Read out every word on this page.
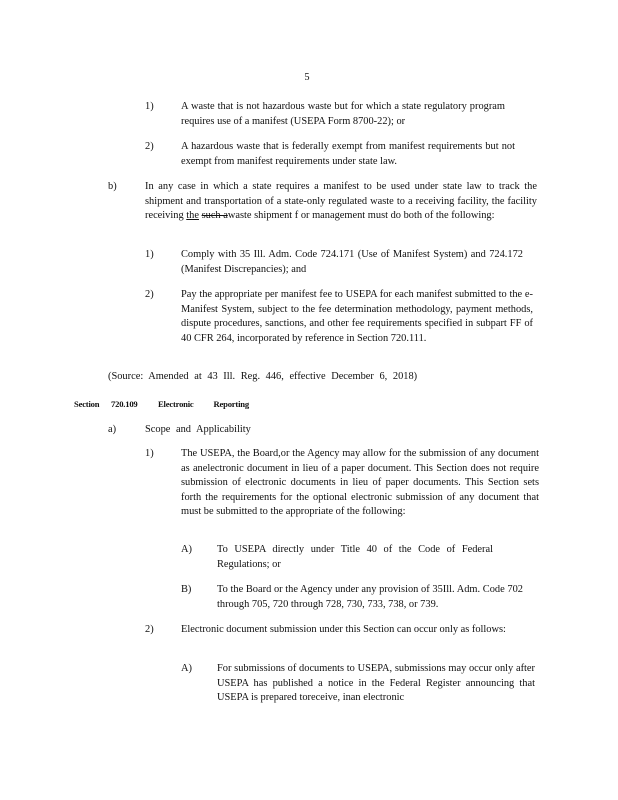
5
1)	A waste that is not hazardous waste but for which a state regulatory program requires use of a manifest (USEPA Form 8700-22); or
2)	A hazardous waste that is federally exempt from manifest requirements but not exempt from manifest requirements under state law.
b)	In any case in which a state requires a manifest to be used under state law to track the shipment and transportation of a state-only regulated waste to a receiving facility, the facility receiving the such awaste shipment f or management must do both of the following:
1)	Comply with 35 Ill. Adm. Code 724.171 (Use of Manifest System) and 724.172 (Manifest Discrepancies); and
2)	Pay the appropriate per manifest fee to USEPA for each manifest submitted to the e-Manifest System, subject to the fee determination methodology, payment methods, dispute procedures, sanctions, and other fee requirements specified in subpart FF of 40 CFR 264, incorporated by reference in Section 720.111.
(Source: Amended at 43 Ill. Reg. 446, effective December 6, 2018)
Section 720.109 Electronic Reporting
a)	Scope and Applicability
1)	The USEPA, the Board,or the Agency may allow for the submission of any document as anelectronic document in lieu of a paper document. This Section does not require submission of electronic documents in lieu of paper documents. This Section sets forth the requirements for the optional electronic submission of any document that must be submitted to the appropriate of the following:
A) To USEPA directly under Title 40 of the Code of Federal Regulations; or
B) To the Board or the Agency under any provision of 35Ill. Adm. Code 702 through 705, 720 through 728, 730, 733, 738, or 739.
2)	Electronic document submission under this Section can occur only as follows:
A) For submissions of documents to USEPA, submissions may occur only after USEPA has published a notice in the Federal Register announcing that USEPA is prepared toreceive, inan electronic
